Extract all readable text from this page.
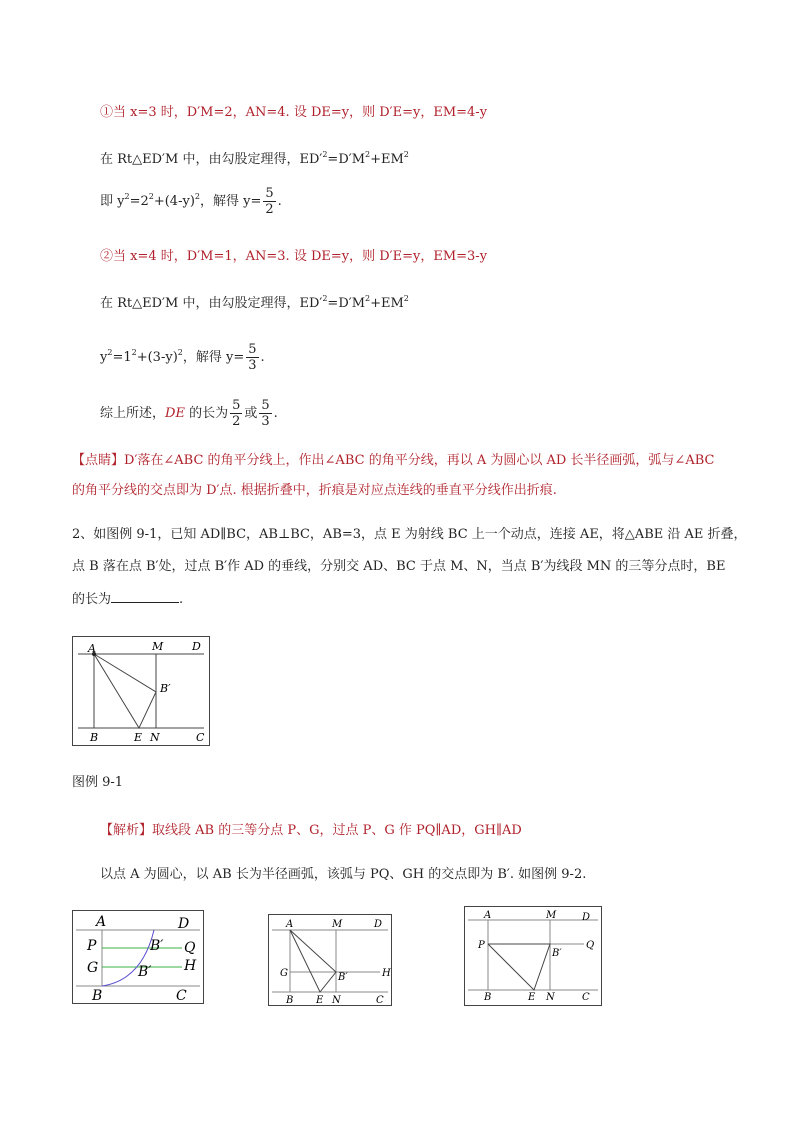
①当 x=3 时，D′M=2，AN=4. 设 DE=y，则 D′E=y，EM=4-y
在 Rt△ED′M 中，由勾股定理得，$ED'^2=D'M^2+EM^2$
即 $y^2=2^2+(4-y)^2$，解得 $y= \frac{5}{2}$ .
②当 x=4 时，D′M=1，AN=3. 设 DE=y，则 D′E=y，EM=3-y
在 Rt△ED′M 中，由勾股定理得，$ED'^2=D'M^2+EM^2$
$y^2=1^2+(3-y)^2$，解得 $y= \frac{5}{3}$ .
综上所述，DE 的长为 $\frac{5}{2}$ 或 $\frac{5}{3}$ .
【点睛】D′落在∠ABC 的角平分线上，作出∠ABC 的角平分线，再以 A 为圆心以 AD 长半径画弧，弧与∠ABC
的角平分线的交点即为 D′点. 根据折叠中，折痕是对应点连线的垂直平分线作出折痕.
2、如图例 9-1，已知 AD∥BC，AB⊥BC，AB=3，点 E 为射线 BC 上一个动点，连接 AE，将△ABE 沿 AE 折叠，
点 B 落在点 B′处，过点 B′作 AD 的垂线，分别交 AD、BC 于点 M、N，当点 B′为线段 MN 的三等分点时，BE
的长为	.
A	M	D
B′
B	E N	C
图例 9-1
【解析】取线段 AB 的三等分点 P、G，过点 P、G 作 PQ∥AD，GH∥AD
以点 A 为圆心，以 AB 长为半径画弧，该弧与 PQ、GH 的交点即为 B′. 如图例 9-2.
A	D
P	B′ Q
G	B′ H
B	C
A	M	D
G	B′	H
B E N	C
A	M	D
P
B′
Q
B	E N	C
